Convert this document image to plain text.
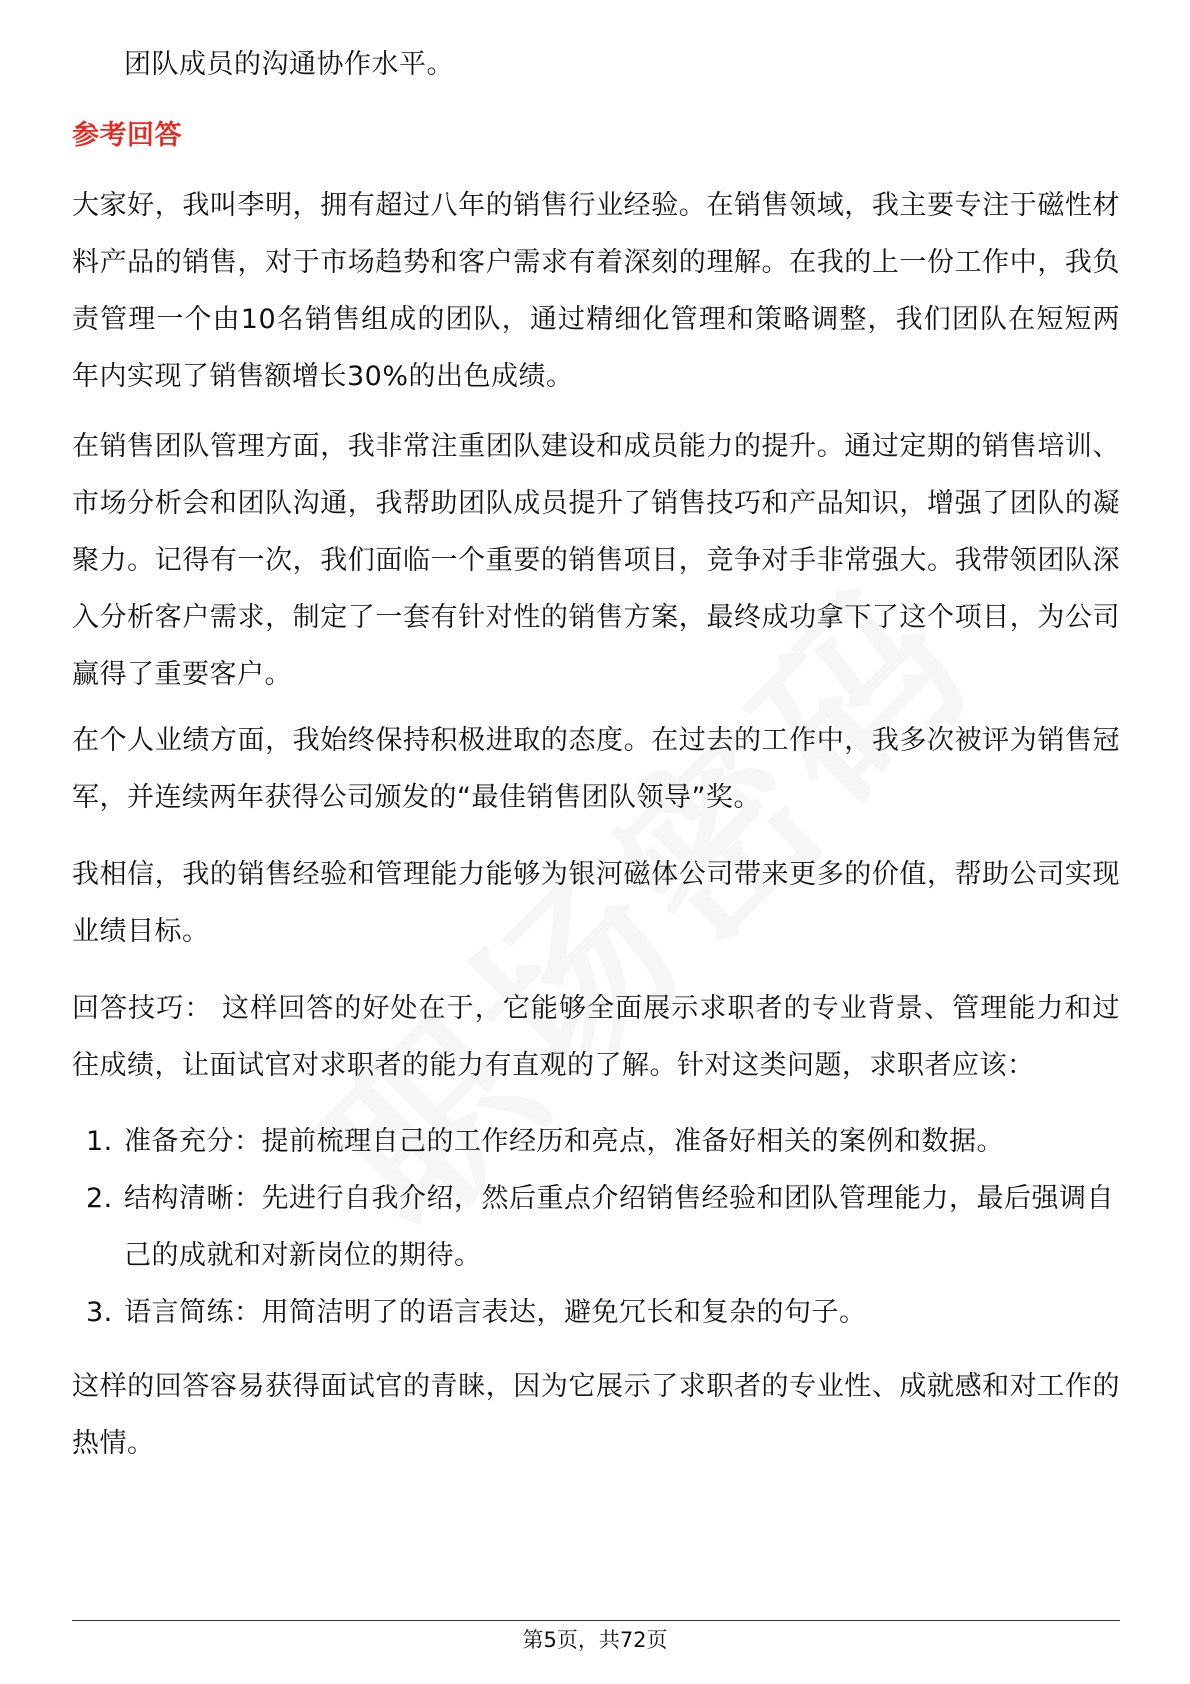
团队成员的沟通协作水平。

参考回答

大家好，我叫李明，拥有超过八年的销售行业经验。在销售领域，我主要专注于磁性材料产品的销售，对于市场趋势和客户需求有着深刻的理解。在我的上一份工作中，我负责管理一个由10名销售组成的团队，通过精细化管理和策略调整，我们团队在短短两年内实现了销售额增长30%的出色成绩。

在销售团队管理方面，我非常注重团队建设和成员能力的提升。通过定期的销售培训、市场分析会和团队沟通，我帮助团队成员提升了销售技巧和产品知识，增强了团队的凝聚力。记得有一次，我们面临一个重要的销售项目，竞争对手非常强大。我带领团队深入分析客户需求，制定了一套有针对性的销售方案，最终成功拿下了这个项目，为公司赢得了重要客户。

在个人业绩方面，我始终保持积极进取的态度。在过去的工作中，我多次被评为销售冠军，并连续两年获得公司颁发的“最佳销售团队领导”奖。

我相信，我的销售经验和管理能力能够为银河磁体公司带来更多的价值，帮助公司实现业绩目标。

回答技巧： 这样回答的好处在于，它能够全面展示求职者的专业背景、管理能力和过往成绩，让面试官对求职者的能力有直观的了解。针对这类问题，求职者应该：

1. 准备充分：提前梳理自己的工作经历和亮点，准备好相关的案例和数据。
2. 结构清晰：先进行自我介绍，然后重点介绍销售经验和团队管理能力，最后强调自己的成就和对新岗位的期待。
3. 语言简练：用简洁明了的语言表达，避免冗长和复杂的句子。

这样的回答容易获得面试官的青睐，因为它展示了求职者的专业性、成就感和对工作的热情。

第5页，共72页
